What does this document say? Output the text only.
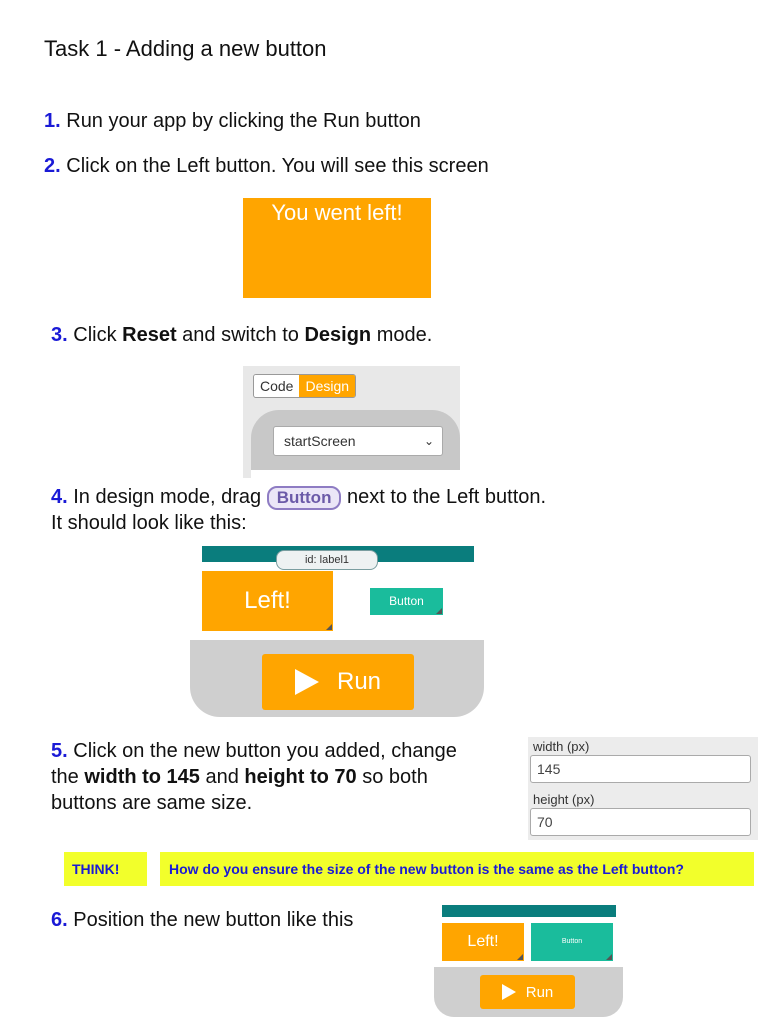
Task 1 - Adding a new button
1. Run your app by clicking the Run button
2. Click on the Left button. You will see this screen
You went left!
3. Click Reset and switch to Design mode.
Code Design
startScreen	⌄
4. In design mode, drag Button next to the Left button.
It should look like this:
id: label1
Left!	Button
Run
5. Click on the new button you added, change
the width to 145 and height to 70 so both
buttons are same size.
width (px)
145
height (px)
70
THINK!	How do you ensure the size of the new button is the same as the Left button?
6. Position the new button like this
Left!	Button
Run
